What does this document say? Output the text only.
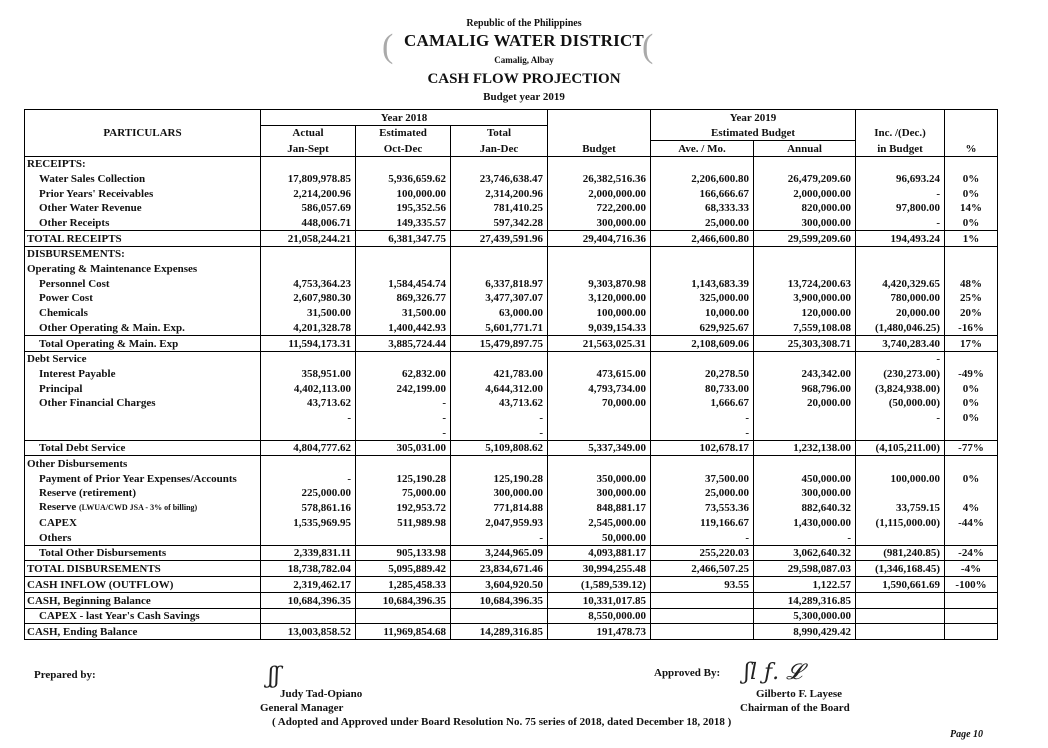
Republic of the Philippines
CAMALIG WATER DISTRICT
Camalig, Albay
CASH FLOW PROJECTION
Budget year 2019
(	(
PARTICULARS	Year 2018				Year 2019			
	Actual	Estimated	Total		Estimated Budget		Inc. /(Dec.)	
	Jan-Sept	Oct-Dec	Jan-Dec	Budget	Ave. / Mo.	Annual	in Budget	%
RECEIPTS:								
Water Sales Collection	17,809,978.85	5,936,659.62	23,746,638.47	26,382,516.36	2,206,600.80	26,479,209.60	96,693.24	0%
Prior Years' Receivables	2,214,200.96	100,000.00	2,314,200.96	2,000,000.00	166,666.67	2,000,000.00	-	0%
Other Water Revenue	586,057.69	195,352.56	781,410.25	722,200.00	68,333.33	820,000.00	97,800.00	14%
Other Receipts	448,006.71	149,335.57	597,342.28	300,000.00	25,000.00	300,000.00	-	0%
TOTAL RECEIPTS	21,058,244.21	6,381,347.75	27,439,591.96	29,404,716.36	2,466,600.80	29,599,209.60	194,493.24	1%
DISBURSEMENTS:								
Operating & Maintenance Expenses								
Personnel Cost	4,753,364.23	1,584,454.74	6,337,818.97	9,303,870.98	1,143,683.39	13,724,200.63	4,420,329.65	48%
Power Cost	2,607,980.30	869,326.77	3,477,307.07	3,120,000.00	325,000.00	3,900,000.00	780,000.00	25%
Chemicals	31,500.00	31,500.00	63,000.00	100,000.00	10,000.00	120,000.00	20,000.00	20%
Other Operating & Main. Exp.	4,201,328.78	1,400,442.93	5,601,771.71	9,039,154.33	629,925.67	7,559,108.08	(1,480,046.25)	-16%
Total Operating & Main. Exp	11,594,173.31	3,885,724.44	15,479,897.75	21,563,025.31	2,108,609.06	25,303,308.71	3,740,283.40	17%
Debt Service							-	
Interest Payable	358,951.00	62,832.00	421,783.00	473,615.00	20,278.50	243,342.00	(230,273.00)	-49%
Principal	4,402,113.00	242,199.00	4,644,312.00	4,793,734.00	80,733.00	968,796.00	(3,824,938.00)	0%
Other Financial Charges	43,713.62	-	43,713.62	70,000.00	1,666.67	20,000.00	(50,000.00)	0%
	-	-	-		-		-	0%
		-	-		-			
Total Debt Service	4,804,777.62	305,031.00	5,109,808.62	5,337,349.00	102,678.17	1,232,138.00	(4,105,211.00)	-77%
Other Disbursements								
Payment of Prior Year Expenses/Accounts	-	125,190.28	125,190.28	350,000.00	37,500.00	450,000.00	100,000.00	0%
Reserve (retirement)	225,000.00	75,000.00	300,000.00	300,000.00	25,000.00	300,000.00		
Reserve (LWUA/CWD JSA - 3% of billing)	578,861.16	192,953.72	771,814.88	848,881.17	73,553.36	882,640.32	33,759.15	4%
CAPEX	1,535,969.95	511,989.98	2,047,959.93	2,545,000.00	119,166.67	1,430,000.00	(1,115,000.00)	-44%
Others			-	50,000.00	-	-		
Total Other Disbursements	2,339,831.11	905,133.98	3,244,965.09	4,093,881.17	255,220.03	3,062,640.32	(981,240.85)	-24%
TOTAL DISBURSEMENTS	18,738,782.04	5,095,889.42	23,834,671.46	30,994,255.48	2,466,507.25	29,598,087.03	(1,346,168.45)	-4%
CASH INFLOW (OUTFLOW)	2,319,462.17	1,285,458.33	3,604,920.50	(1,589,539.12)	93.55	1,122.57	1,590,661.69	-100%
CASH, Beginning Balance	10,684,396.35	10,684,396.35	10,684,396.35	10,331,017.85		14,289,316.85		
CAPEX - last Year's Cash Savings				8,550,000.00		5,300,000.00		
CASH, Ending Balance	13,003,858.52	11,969,854.68	14,289,316.85	191,478.73		8,990,429.42		
Prepared by:	Approved By:
ʃʃ	ʃl ƒ. 𝓛
Judy Tad-Opiano
General Manager
Gilberto F. Layese
Chairman of the Board
( Adopted and Approved under Board Resolution No. 75 series of 2018, dated December 18, 2018 )
Page 10
